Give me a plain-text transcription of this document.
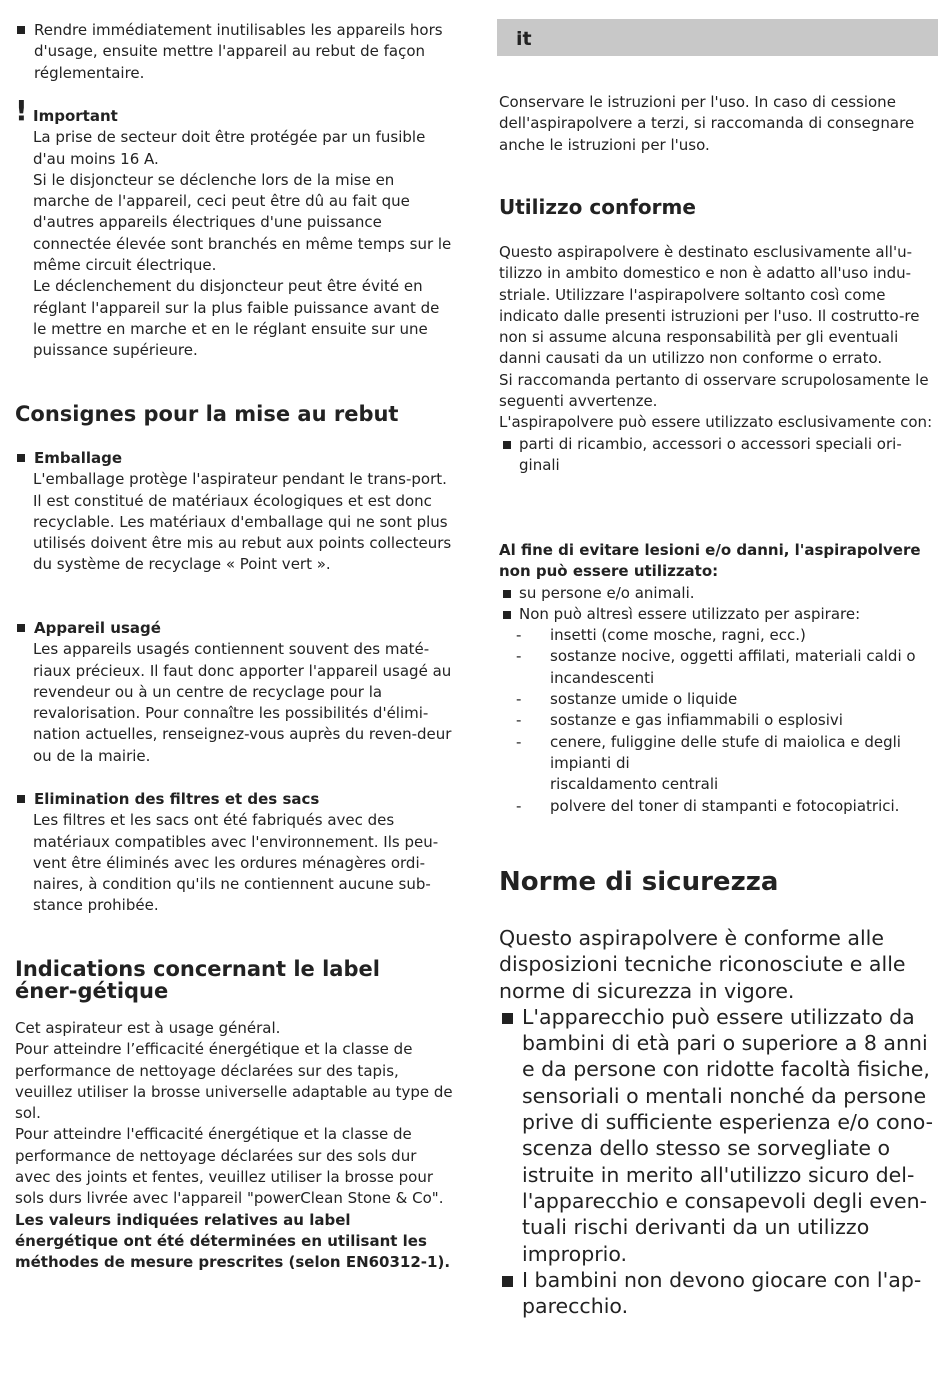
Rendre immédiatement inutilisables les appareils hors d'usage, ensuite mettre l'appareil au rebut de façon réglementaire.
! Important

La prise de secteur doit être protégée par un fusible d'au moins 16 A.

Si le disjoncteur se déclenche lors de la mise en marche de l'appareil, ceci peut être dû au fait que d'autres appareils électriques d'une puissance connectée élevée sont branchés en même temps sur le même circuit électrique.

Le déclenchement du disjoncteur peut être évité en réglant l'appareil sur la plus faible puissance avant de le mettre en marche et en le réglant ensuite sur une puissance supérieure.

Consignes pour la mise au rebut
Emballage

L'emballage protège l'aspirateur pendant le trans-port. Il est constitué de matériaux écologiques et est donc recyclable. Les matériaux d'emballage qui ne sont plus utilisés doivent être mis au rebut aux points collecteurs du système de recyclage « Point vert ».

Appareil usagé

Les appareils usagés contiennent souvent des maté-riaux précieux. Il faut donc apporter l'appareil usagé au revendeur ou à un centre de recyclage pour la revalorisation. Pour connaître les possibilités d'élimi-nation actuelles, renseignez-vous auprès du reven-deur ou de la mairie.

Elimination des filtres et des sacs

Les filtres et les sacs ont été fabriqués avec des matériaux compatibles avec l'environnement. Ils peu-vent être éliminés avec les ordures ménagères ordi-naires, à condition qu'ils ne contiennent aucune sub-stance prohibée.

Indications concernant le label éner-gétique

Cet aspirateur est à usage général.

Pour atteindre l’efficacité énergétique et la classe de performance de nettoyage déclarées sur des tapis, veuillez utiliser la brosse universelle adaptable au type de sol.

Pour atteindre l'efficacité énergétique et la classe de performance de nettoyage déclarées sur des sols dur avec des joints et fentes, veuillez utiliser la brosse pour sols durs livrée avec l'appareil "powerClean Stone & Co".

Les valeurs indiquées relatives au label énergétique ont été déterminées en utilisant les méthodes de mesure prescrites (selon EN60312-1).

it
Conservare le istruzioni per l'uso. In caso di cessione dell'aspirapolvere a terzi, si raccomanda di consegnare anche le istruzioni per l'uso.
Utilizzo conforme

Questo aspirapolvere è destinato esclusivamente all'u-tilizzo in ambito domestico e non è adatto all'uso indu-striale. Utilizzare l'aspirapolvere soltanto così come indicato dalle presenti istruzioni per l'uso. Il costrutto-re non si assume alcuna responsabilità per gli eventuali danni causati da un utilizzo non conforme o errato.

Si raccomanda pertanto di osservare scrupolosamente le seguenti avvertenze.

L'aspirapolvere può essere utilizzato esclusivamente con:

parti di ricambio, accessori o accessori speciali ori-ginali

Al fine di evitare lesioni e/o danni, l'aspirapolvere non può essere utilizzato:

su persone e/o animali.
Non può altresì essere utilizzato per aspirare:
-	insetti (come mosche, ragni, ecc.)
-	sostanze nocive, oggetti affilati, materiali caldi o incandescenti
-	sostanze umide o liquide
-	sostanze e gas infiammabili o esplosivi
-	cenere, fuliggine delle stufe di maiolica e degli impianti di
riscaldamento centrali
-	polvere del toner di stampanti e fotocopiatrici.
Norme di sicurezza

Questo aspirapolvere è conforme alle disposizioni tecniche riconosciute e alle norme di sicurezza in vigore.

L'apparecchio può essere utilizzato da bambini di età pari o superiore a 8 anni e da persone con ridotte facoltà fisiche, sensoriali o mentali nonché da persone prive di sufficiente esperienza e/o cono-scenza dello stesso se sorvegliate o istruite in merito all'utilizzo sicuro del-l'apparecchio e consapevoli degli even-tuali rischi derivanti da un utilizzo improprio.
I bambini non devono giocare con l'ap-parecchio.
